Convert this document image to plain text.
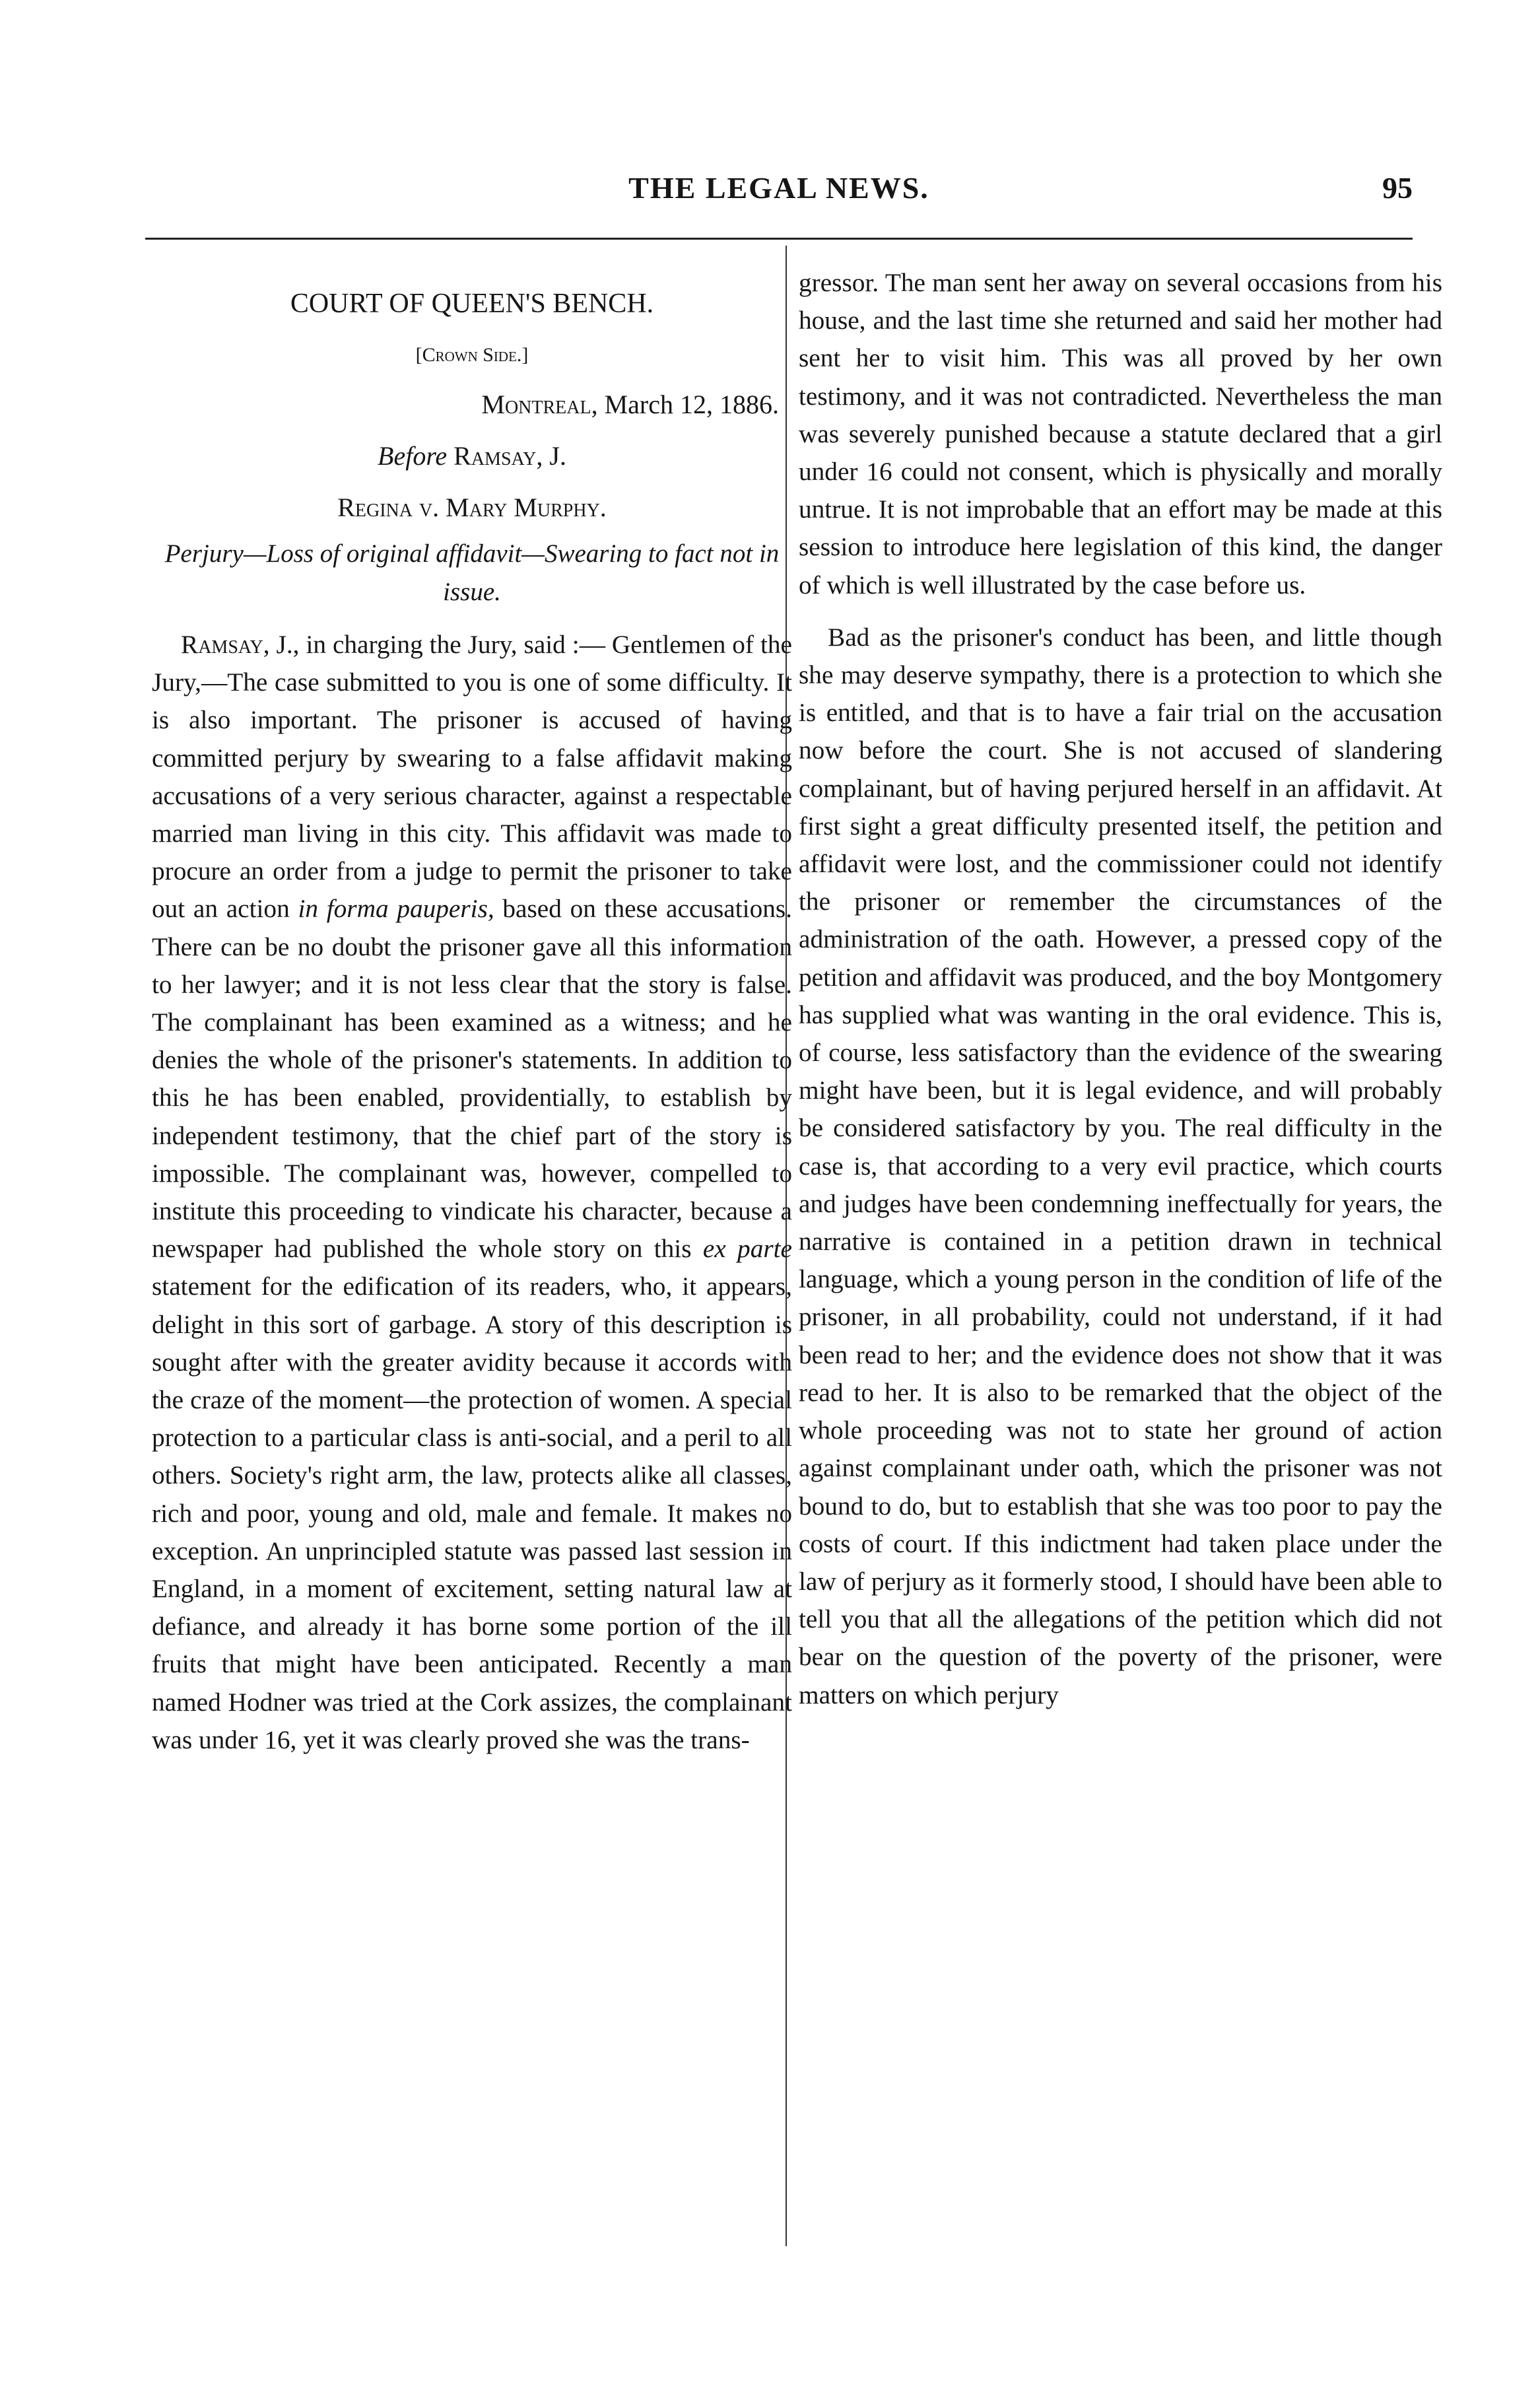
THE LEGAL NEWS.	95
COURT OF QUEEN'S BENCH.
[Crown Side.]
Montreal, March 12, 1886.
Before Ramsay, J.
Regina v. Mary Murphy.
Perjury—Loss of original affidavit—Swearing to fact not in issue.

Ramsay, J., in charging the Jury, said :— Gentlemen of the Jury,—The case submitted to you is one of some difficulty. It is also important. The prisoner is accused of having committed perjury by swearing to a false affidavit making accusations of a very serious character, against a respectable married man living in this city. This affidavit was made to procure an order from a judge to permit the prisoner to take out an action in forma pauperis, based on these accusations. There can be no doubt the prisoner gave all this information to her lawyer; and it is not less clear that the story is false. The complainant has been examined as a witness; and he denies the whole of the prisoner's statements. In addition to this he has been enabled, providentially, to establish by independent testimony, that the chief part of the story is impossible. The complainant was, however, compelled to institute this proceeding to vindicate his character, because a newspaper had published the whole story on this ex parte statement for the edification of its readers, who, it appears, delight in this sort of garbage. A story of this description is sought after with the greater avidity because it accords with the craze of the moment—the protection of women. A special protection to a particular class is anti-social, and a peril to all others. Society's right arm, the law, protects alike all classes, rich and poor, young and old, male and female. It makes no exception. An unprincipled statute was passed last session in England, in a moment of excitement, setting natural law at defiance, and already it has borne some portion of the ill fruits that might have been anticipated. Recently a man named Hodner was tried at the Cork assizes, the complainant was under 16, yet it was clearly proved she was the trans-

gressor. The man sent her away on several occasions from his house, and the last time she returned and said her mother had sent her to visit him. This was all proved by her own testimony, and it was not contradicted. Nevertheless the man was severely punished because a statute declared that a girl under 16 could not consent, which is physically and morally untrue. It is not improbable that an effort may be made at this session to introduce here legislation of this kind, the danger of which is well illustrated by the case before us.

Bad as the prisoner's conduct has been, and little though she may deserve sympathy, there is a protection to which she is entitled, and that is to have a fair trial on the accusation now before the court. She is not accused of slandering complainant, but of having perjured herself in an affidavit. At first sight a great difficulty presented itself, the petition and affidavit were lost, and the commissioner could not identify the prisoner or remember the circumstances of the administration of the oath. However, a pressed copy of the petition and affidavit was produced, and the boy Montgomery has supplied what was wanting in the oral evidence. This is, of course, less satisfactory than the evidence of the swearing might have been, but it is legal evidence, and will probably be considered satisfactory by you. The real difficulty in the case is, that according to a very evil practice, which courts and judges have been condemning ineffectually for years, the narrative is contained in a petition drawn in technical language, which a young person in the condition of life of the prisoner, in all probability, could not understand, if it had been read to her; and the evidence does not show that it was read to her. It is also to be remarked that the object of the whole proceeding was not to state her ground of action against complainant under oath, which the prisoner was not bound to do, but to establish that she was too poor to pay the costs of court. If this indictment had taken place under the law of perjury as it formerly stood, I should have been able to tell you that all the allegations of the petition which did not bear on the question of the poverty of the prisoner, were matters on which perjury
